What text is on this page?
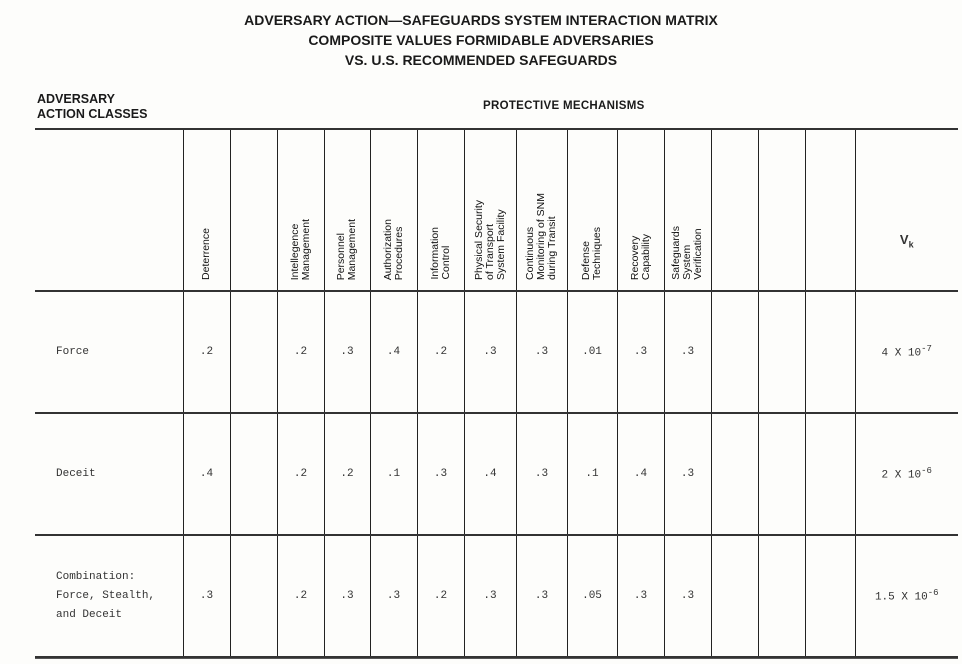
ADVERSARY ACTION—SAFEGUARDS SYSTEM INTERACTION MATRIX
COMPOSITE VALUES FORMIDABLE ADVERSARIES
VS. U.S. RECOMMENDED SAFEGUARDS
ADVERSARY
ACTION CLASSES
PROTECTIVE MECHANISMS
	Deterrence		Intellegence
Management	Personnel
Management	Authorization
Procedures	Information
Control	Physical Security
of Transport
System Facility	Continuous
Monitoring of SNM
during Transit	Defense
Techniques	Recovery
Capability	Safeguards
System
Verification				$V_k$
Force	.2		.2	.3	.4	.2	.3	.3	.01	.3	.3				4 X $10^{-7}$
Deceit	.4		.2	.2	.1	.3	.4	.3	.1	.4	.3				2 X $10^{-6}$
Combination:
Force, Stealth,
and Deceit	.3		.2	.3	.3	.2	.3	.3	.05	.3	.3				1.5 X $10^{-6}$
